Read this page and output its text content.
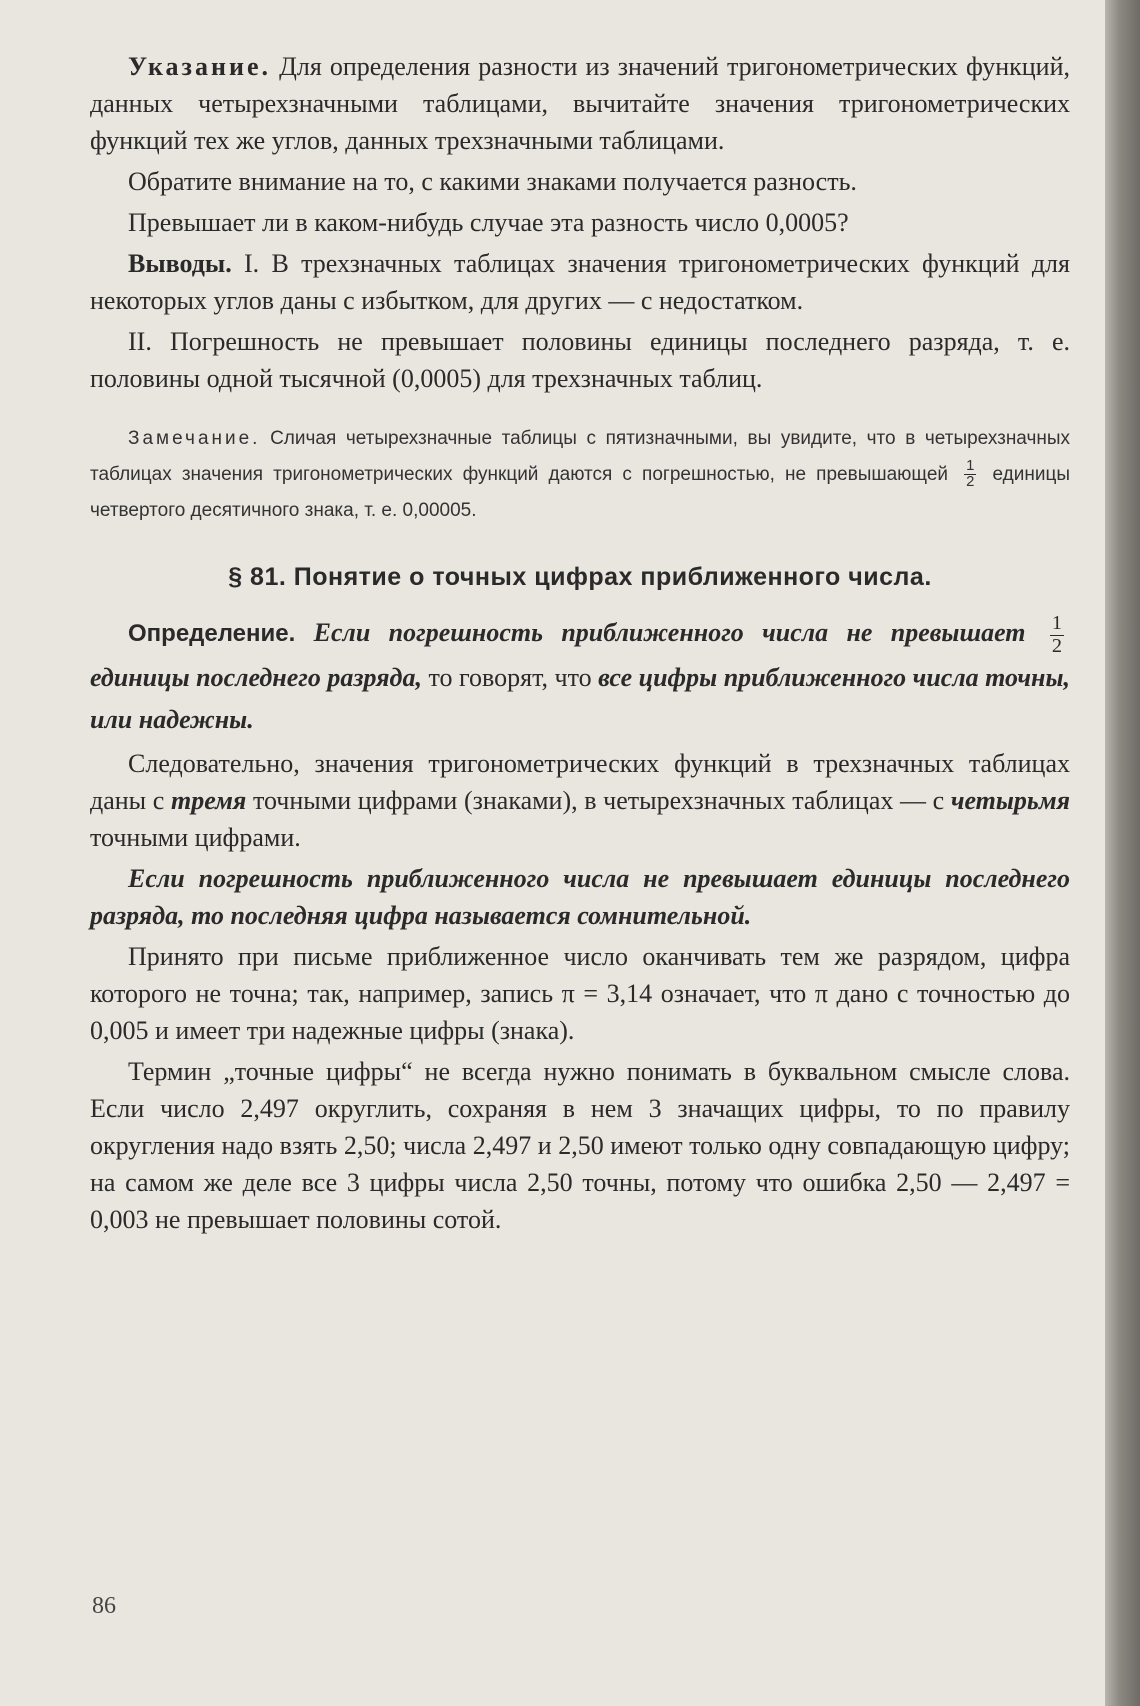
Указание. Для определения разности из значений тригонометрических функций, данных четырехзначными таблицами, вычитайте значения тригонометрических функций тех же углов, данных трехзначными таблицами.

Обратите внимание на то, с какими знаками получается разность.

Превышает ли в каком-нибудь случае эта разность число 0,0005?

Выводы. I. В трехзначных таблицах значения тригонометрических функций для некоторых углов даны с избытком, для других — с недостатком.

II. Погрешность не превышает половины единицы последнего разряда, т. е. половины одной тысячной (0,0005) для трехзначных таблиц.

Замечание. Сличая четырехзначные таблицы с пятизначными, вы увидите, что в четырехзначных таблицах значения тригонометрических функций даются с погрешностью, не превышающей $\frac{1}{2}$ единицы четвертого десятичного знака, т. е. 0,00005.

§ 81. Понятие о точных цифрах приближенного числа.

Определение. Если погрешность приближенного числа не превышает $\frac{1}{2}$
единицы последнего разряда, то говорят, что все цифры приближенного числа точны, или надежны.

Следовательно, значения тригонометрических функций в трехзначных таблицах даны с тремя точными цифрами (знаками), в четырехзначных таблицах — с четырьмя точными цифрами.

Если погрешность приближенного числа не превышает единицы последнего разряда, то последняя цифра называется сомнительной.

Принято при письме приближенное число оканчивать тем же разрядом, цифра которого не точна; так, например, запись π = 3,14 означает, что π дано с точностью до 0,005 и имеет три надежные цифры (знака).

Термин „точные цифры“ не всегда нужно понимать в буквальном смысле слова. Если число 2,497 округлить, сохраняя в нем 3 значащих цифры, то по правилу округления надо взять 2,50; числа 2,497 и 2,50 имеют только одну совпадающую цифру; на самом же деле все 3 цифры числа 2,50 точны, потому что ошибка 2,50 — 2,497 = 0,003 не превышает половины сотой.

86
